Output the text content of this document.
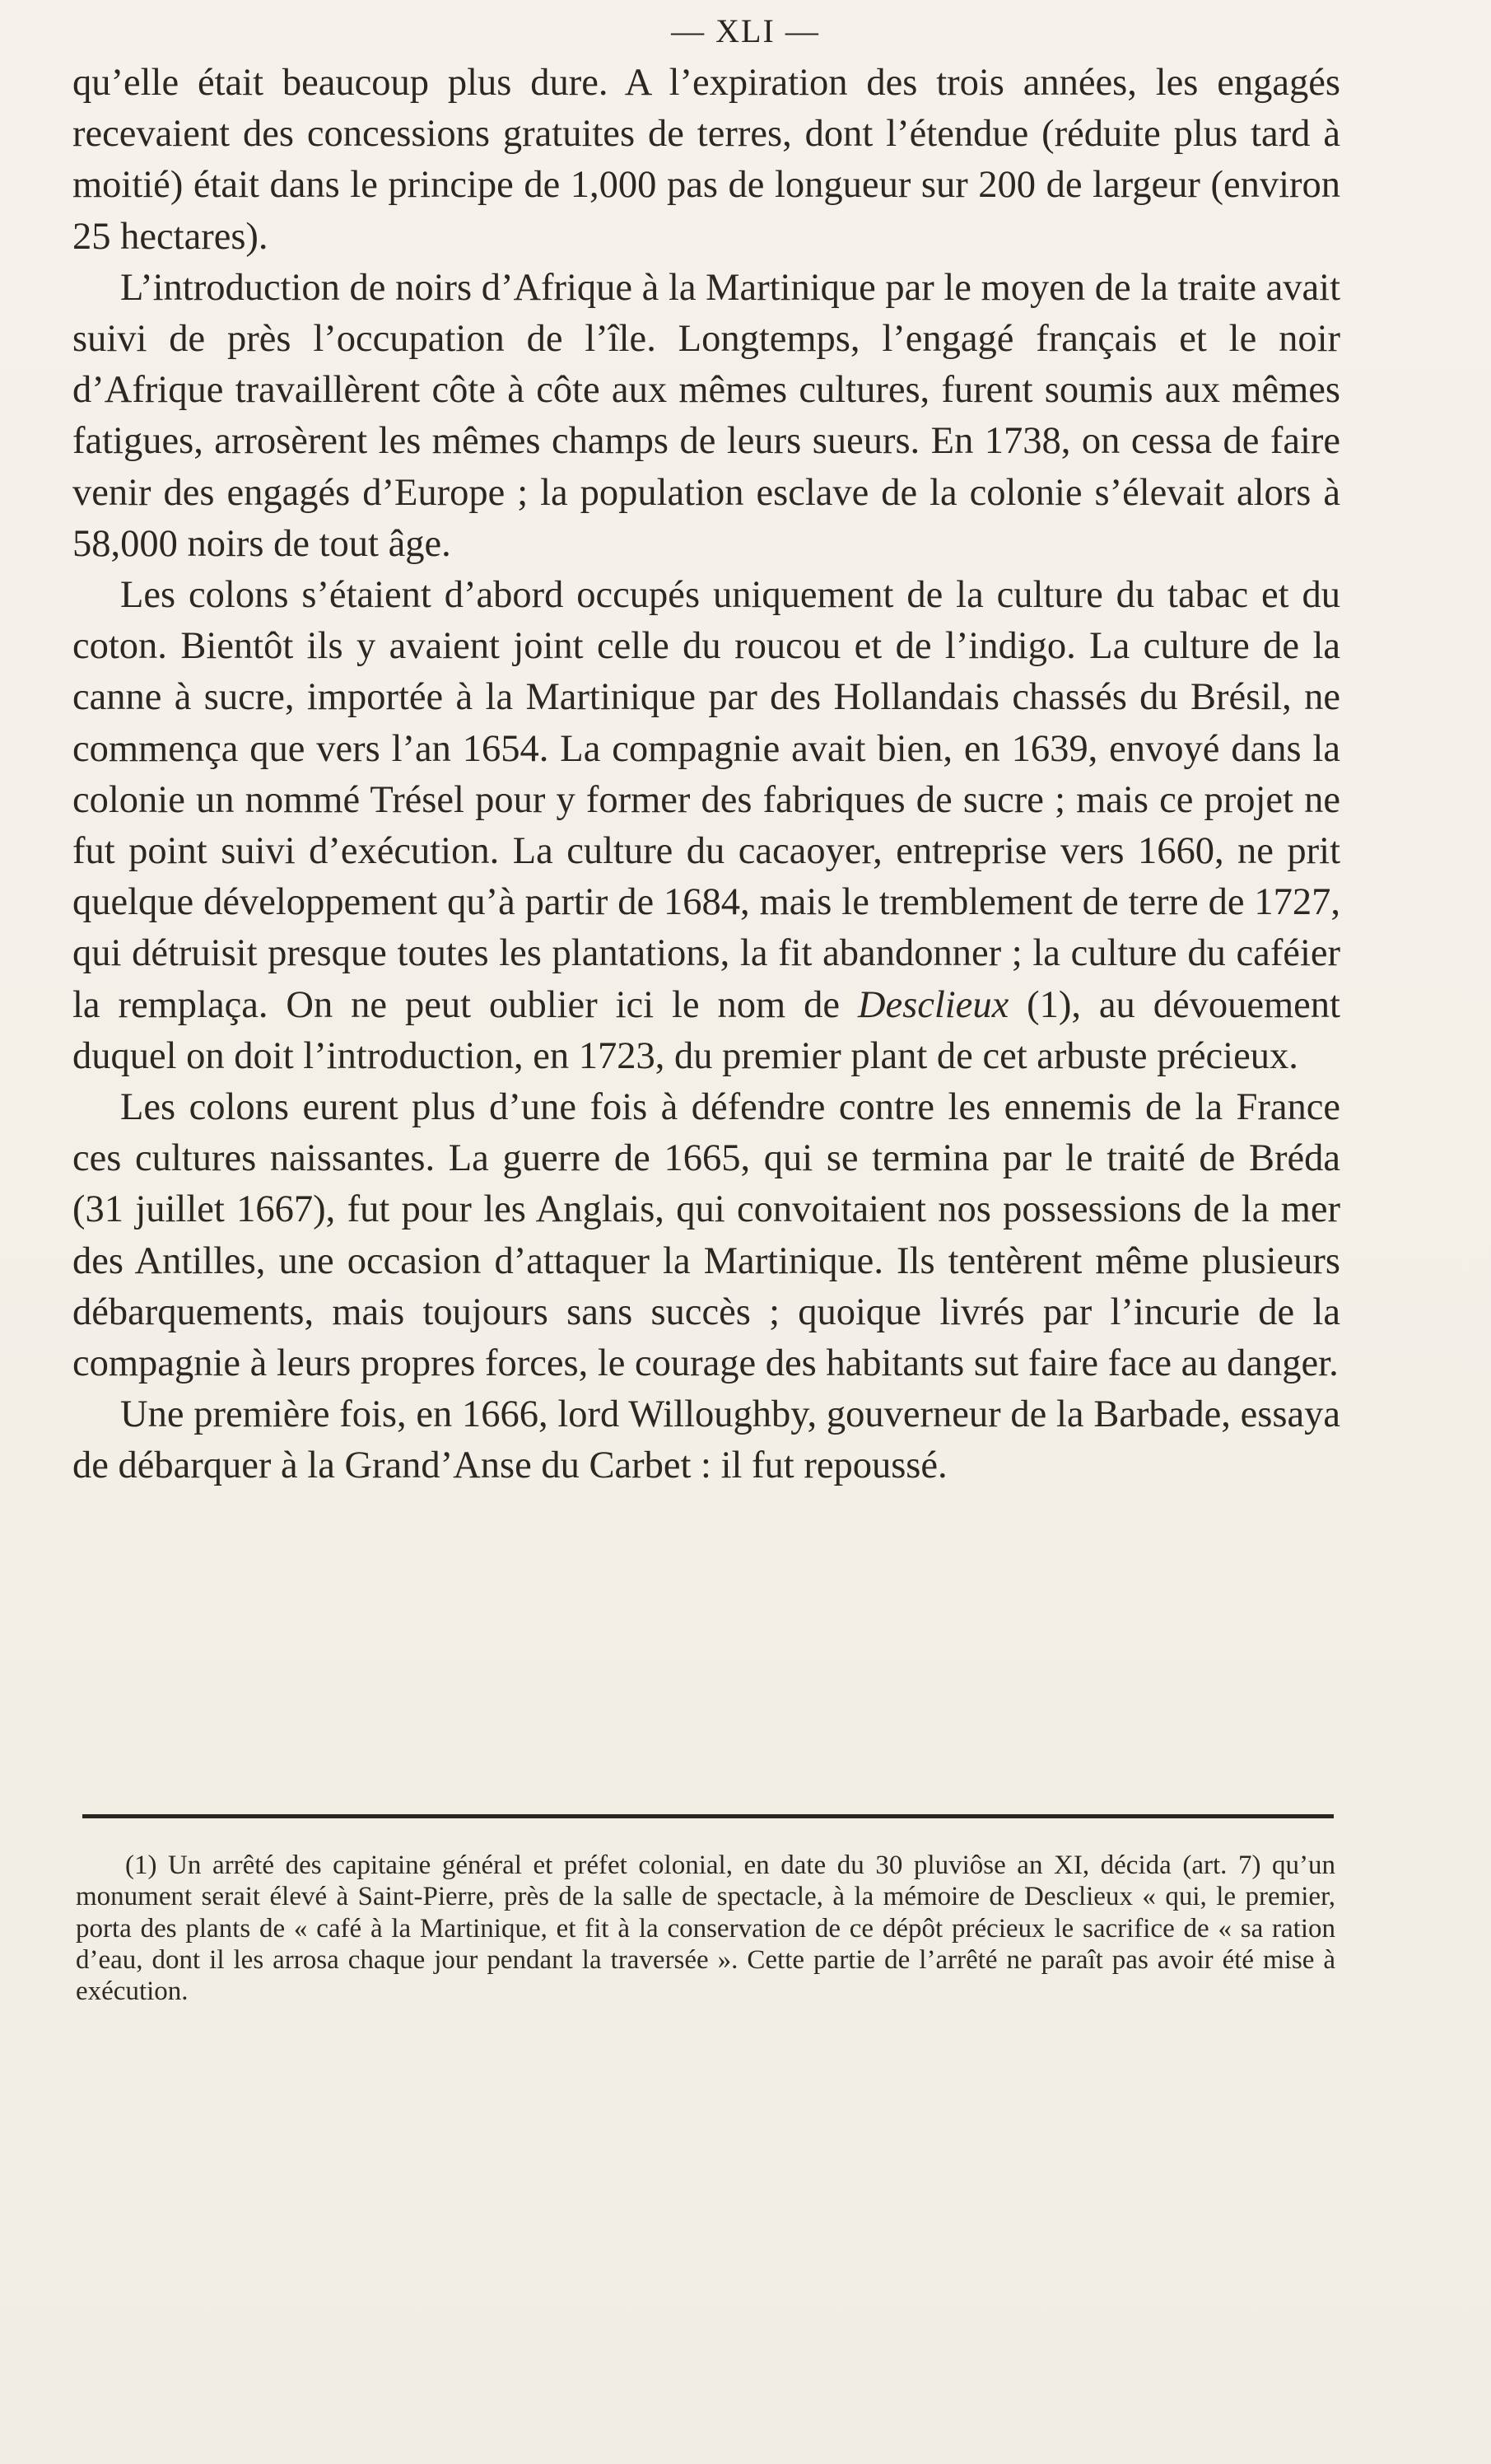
— XLI —

qu’elle était beaucoup plus dure. A l’expiration des trois années, les engagés recevaient des concessions gratuites de terres, dont l’étendue (réduite plus tard à moitié) était dans le principe de 1,000 pas de longueur sur 200 de largeur (environ 25 hectares).

L’introduction de noirs d’Afrique à la Martinique par le moyen de la traite avait suivi de près l’occupation de l’île. Longtemps, l’engagé français et le noir d’Afrique travaillèrent côte à côte aux mêmes cultures, furent soumis aux mêmes fatigues, arrosèrent les mêmes champs de leurs sueurs. En 1738, on cessa de faire venir des engagés d’Europe ; la population esclave de la colonie s’élevait alors à 58,000 noirs de tout âge.

Les colons s’étaient d’abord occupés uniquement de la culture du tabac et du coton. Bientôt ils y avaient joint celle du roucou et de l’indigo. La culture de la canne à sucre, importée à la Martinique par des Hollandais chassés du Brésil, ne commença que vers l’an 1654. La compagnie avait bien, en 1639, envoyé dans la colonie un nommé Trésel pour y former des fabriques de sucre ; mais ce projet ne fut point suivi d’exécution. La culture du cacaoyer, entreprise vers 1660, ne prit quelque développement qu’à partir de 1684, mais le tremblement de terre de 1727, qui détruisit presque toutes les plantations, la fit abandonner ; la culture du caféier la remplaça. On ne peut oublier ici le nom de Desclieux (1), au dévouement duquel on doit l’introduction, en 1723, du premier plant de cet arbuste précieux.

Les colons eurent plus d’une fois à défendre contre les ennemis de la France ces cultures naissantes. La guerre de 1665, qui se termina par le traité de Bréda (31 juillet 1667), fut pour les Anglais, qui convoitaient nos possessions de la mer des Antilles, une occasion d’attaquer la Martinique. Ils tentèrent même plusieurs débarquements, mais toujours sans succès ; quoique livrés par l’incurie de la compagnie à leurs propres forces, le courage des habitants sut faire face au danger.

Une première fois, en 1666, lord Willoughby, gouverneur de la Barbade, essaya de débarquer à la Grand’Anse du Carbet : il fut repoussé.

(1) Un arrêté des capitaine général et préfet colonial, en date du 30 pluviôse an XI, décida (art. 7) qu’un monument serait élevé à Saint-Pierre, près de la salle de spectacle, à la mémoire de Desclieux « qui, le premier, porta des plants de « café à la Martinique, et fit à la conservation de ce dépôt précieux le sacrifice de « sa ration d’eau, dont il les arrosa chaque jour pendant la traversée ». Cette partie de l’arrêté ne paraît pas avoir été mise à exécution.
